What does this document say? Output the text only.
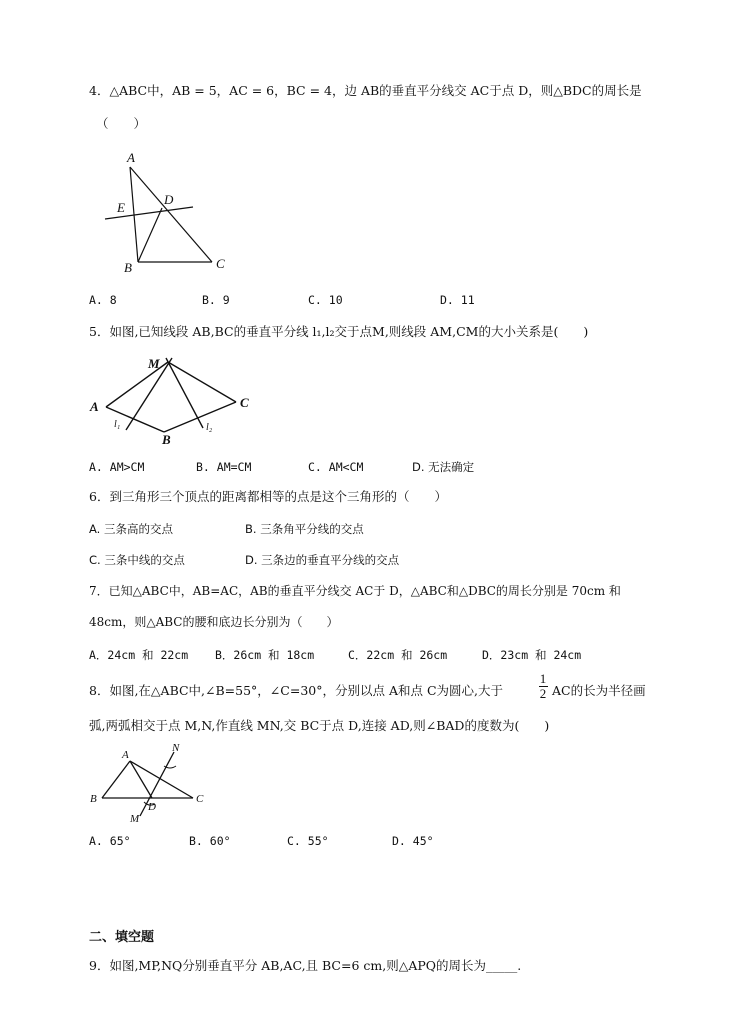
4．△ABC中，AB = 5，AC = 6，BC = 4，边 AB的垂直平分线交 AC于点 D，则△BDC的周长是
（　　）
A
E
D
B	C
A. 8	B. 9	C. 10	D. 11
5．如图,已知线段 AB,BC的垂直平分线 l₁,l₂交于点M,则线段 AM,CM的大小关系是(　　)
M
A
B
C
l₁	l₂
A. AM>CM	B. AM=CM	C. AM<CM	D. 无法确定
6．到三角形三个顶点的距离都相等的点是这个三角形的（　　）
A. 三条高的交点	B. 三条角平分线的交点
C. 三条中线的交点	D. 三条边的垂直平分线的交点
7．已知△ABC中，AB=AC，AB的垂直平分线交 AC于 D，△ABC和△DBC的周长分别是 70cm 和
48cm，则△ABC的腰和底边长分别为（　　）
A．24cm 和 22cm B．26cm 和 18cm	C．22cm 和 26cm	D．23cm 和 24cm
8．如图,在△ABC中,∠B=55°，∠C=30°，分别以点 A和点 C为圆心,大于
1
2 AC的长为半径画
弧,两弧相交于点 M,N,作直线 MN,交 BC于点 D,连接 AD,则∠BAD的度数为(　　)
A
N
B
D
C
M
A. 65°	B. 60°	C. 55°	D. 45°
二、填空题
9．如图,MP,NQ分别垂直平分 AB,AC,且 BC=6 cm,则△APQ的周长为_____.
